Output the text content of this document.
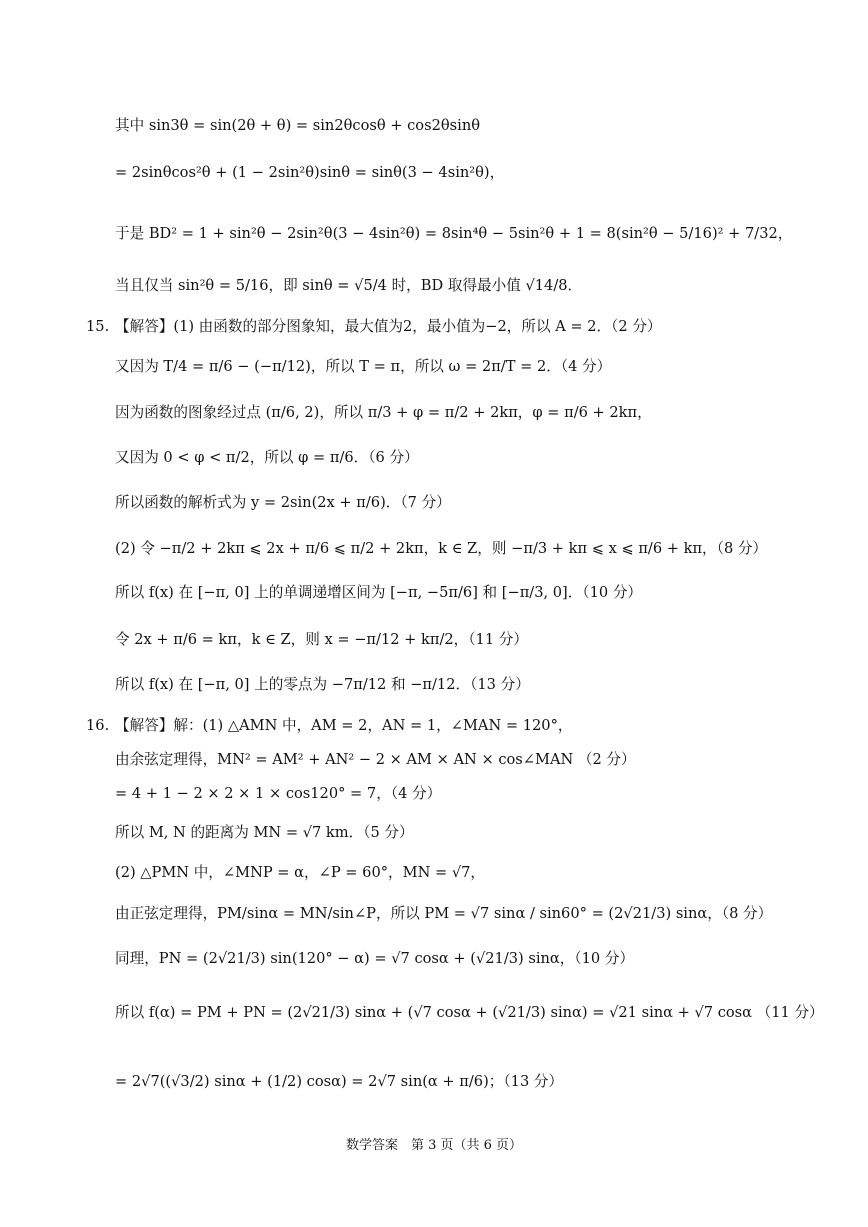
其中 sin3θ = sin(2θ + θ) = sin2θcosθ + cos2θsinθ
= 2sinθcos²θ + (1 − 2sin²θ)sinθ = sinθ(3 − 4sin²θ)，
于是 BD² = 1 + sin²θ − 2sin²θ(3 − 4sin²θ) = 8sin⁴θ − 5sin²θ + 1 = 8(sin²θ − 5/16)² + 7/32，
当且仅当 sin²θ = 5/16，即 sinθ = √5/4 时，BD 取得最小值 √14/8．
15. 【解答】(1) 由函数的部分图象知，最大值为2，最小值为−2，所以 A = 2．（2 分）
又因为 T/4 = π/6 − (−π/12)，所以 T = π，所以 ω = 2π/T = 2．（4 分）
因为函数的图象经过点 (π/6, 2)，所以 π/3 + φ = π/2 + 2kπ，φ = π/6 + 2kπ，
又因为 0 < φ < π/2，所以 φ = π/6．（6 分）
所以函数的解析式为 y = 2sin(2x + π/6)．（7 分）
(2) 令 −π/2 + 2kπ ⩽ 2x + π/6 ⩽ π/2 + 2kπ，k ∈ Z，则 −π/3 + kπ ⩽ x ⩽ π/6 + kπ，（8 分）
所以 f(x) 在 [−π, 0] 上的单调递增区间为 [−π, −5π/6] 和 [−π/3, 0]．（10 分）
令 2x + π/6 = kπ，k ∈ Z，则 x = −π/12 + kπ/2，（11 分）
所以 f(x) 在 [−π, 0] 上的零点为 −7π/12 和 −π/12．（13 分）
16. 【解答】解：(1) △AMN 中，AM = 2，AN = 1，∠MAN = 120°，
由余弦定理得，MN² = AM² + AN² − 2 × AM × AN × cos∠MAN （2 分）
= 4 + 1 − 2 × 2 × 1 × cos120° = 7，（4 分）
所以 M, N 的距离为 MN = √7 km．（5 分）
(2) △PMN 中，∠MNP = α，∠P = 60°，MN = √7，
由正弦定理得，PM/sinα = MN/sin∠P，所以 PM = √7 sinα / sin60° = (2√21/3) sinα，（8 分）
同理，PN = (2√21/3) sin(120° − α) = √7 cosα + (√21/3) sinα，（10 分）
所以 f(α) = PM + PN = (2√21/3) sinα + (√7 cosα + (√21/3) sinα) = √21 sinα + √7 cosα （11 分）
= 2√7((√3/2) sinα + (1/2) cosα) = 2√7 sin(α + π/6)；（13 分）
数学答案　第 3 页（共 6 页）
